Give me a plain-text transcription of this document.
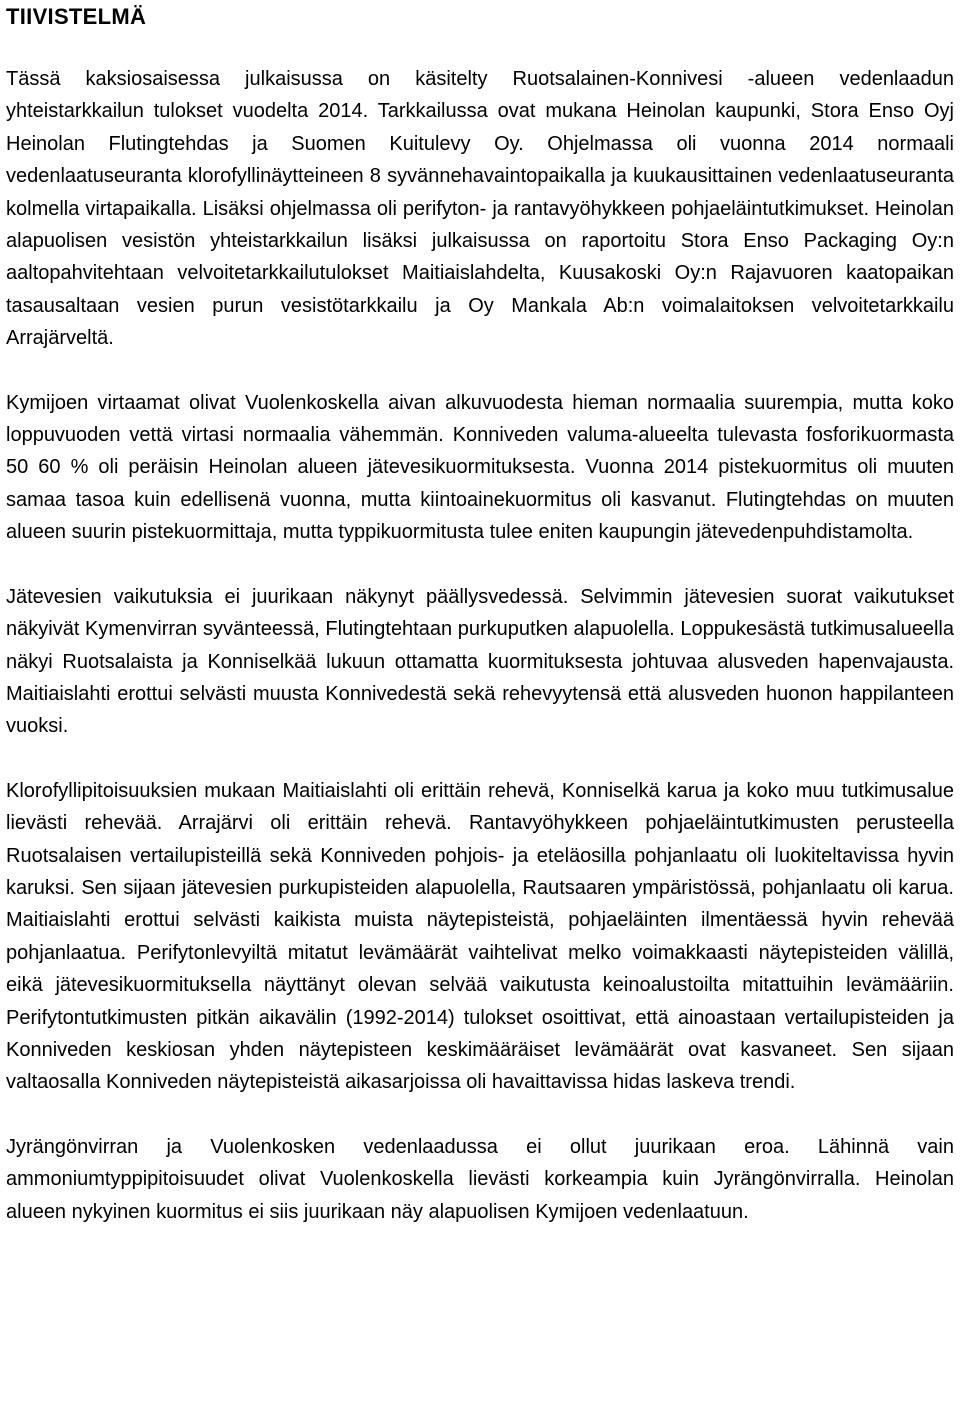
TIIVISTELMÄ

Tässä kaksiosaisessa julkaisussa on käsitelty Ruotsalainen-Konnivesi -alueen vedenlaadun yhteistarkkailun tulokset vuodelta 2014. Tarkkailussa ovat mukana Heinolan kaupunki, Stora Enso Oyj Heinolan Flutingtehdas ja Suomen Kuitulevy Oy. Ohjelmassa oli vuonna 2014 normaali vedenlaatuseuranta klorofyllinäytteineen 8 syvännehavaintopaikalla ja kuukausittainen vedenlaatuseuranta kolmella virtapaikalla. Lisäksi ohjelmassa oli perifyton- ja rantavyöhykkeen pohjaeläintutkimukset. Heinolan alapuolisen vesistön yhteistarkkailun lisäksi julkaisussa on raportoitu Stora Enso Packaging Oy:n aaltopahvitehtaan velvoitetarkkailutulokset Maitiaislahdelta, Kuusakoski Oy:n Rajavuoren kaatopaikan tasausaltaan vesien purun vesistötarkkailu ja Oy Mankala Ab:n voimalaitoksen velvoitetarkkailu Arrajärveltä.

Kymijoen virtaamat olivat Vuolenkoskella aivan alkuvuodesta hieman normaalia suurempia, mutta koko loppuvuoden vettä virtasi normaalia vähemmän. Konniveden valuma-alueelta tulevasta fosforikuormasta 50 60 % oli peräisin Heinolan alueen jätevesikuormituksesta. Vuonna 2014 pistekuormitus oli muuten samaa tasoa kuin edellisenä vuonna, mutta kiintoainekuormitus oli kasvanut. Flutingtehdas on muuten alueen suurin pistekuormittaja, mutta typpikuormitusta tulee eniten kaupungin jätevedenpuhdistamolta.

Jätevesien vaikutuksia ei juurikaan näkynyt päällysvedessä. Selvimmin jätevesien suorat vaikutukset näkyivät Kymenvirran syvänteessä, Flutingtehtaan purkuputken alapuolella. Loppukesästä tutkimusalueella näkyi Ruotsalaista ja Konniselkää lukuun ottamatta kuormituksesta johtuvaa alusveden hapenvajausta. Maitiaislahti erottui selvästi muusta Konnivedestä sekä rehevyytensä että alusveden huonon happilanteen vuoksi.

Klorofyllipitoisuuksien mukaan Maitiaislahti oli erittäin rehevä, Konniselkä karua ja koko muu tutkimusalue lievästi rehevää. Arrajärvi oli erittäin rehevä. Rantavyöhykkeen pohjaeläintutkimusten perusteella Ruotsalaisen vertailupisteillä sekä Konniveden pohjois- ja eteläosilla pohjanlaatu oli luokiteltavissa hyvin karuksi. Sen sijaan jätevesien purkupisteiden alapuolella, Rautsaaren ympäristössä, pohjanlaatu oli karua. Maitiaislahti erottui selvästi kaikista muista näytepisteistä, pohjaeläinten ilmentäessä hyvin rehevää pohjanlaatua. Perifytonlevyiltä mitatut levämäärät vaihtelivat melko voimakkaasti näytepisteiden välillä, eikä jätevesikuormituksella näyttänyt olevan selvää vaikutusta keinoalustoilta mitattuihin levämääriin. Perifytontutkimusten pitkän aikavälin (1992-2014) tulokset osoittivat, että ainoastaan vertailupisteiden ja Konniveden keskiosan yhden näytepisteen keskimääräiset levämäärät ovat kasvaneet. Sen sijaan valtaosalla Konniveden näytepisteistä aikasarjoissa oli havaittavissa hidas laskeva trendi.

Jyrängönvirran ja Vuolenkosken vedenlaadussa ei ollut juurikaan eroa. Lähinnä vain ammoniumtyppipitoisuudet olivat Vuolenkoskella lievästi korkeampia kuin Jyrängönvirralla. Heinolan alueen nykyinen kuormitus ei siis juurikaan näy alapuolisen Kymijoen vedenlaatuun.
